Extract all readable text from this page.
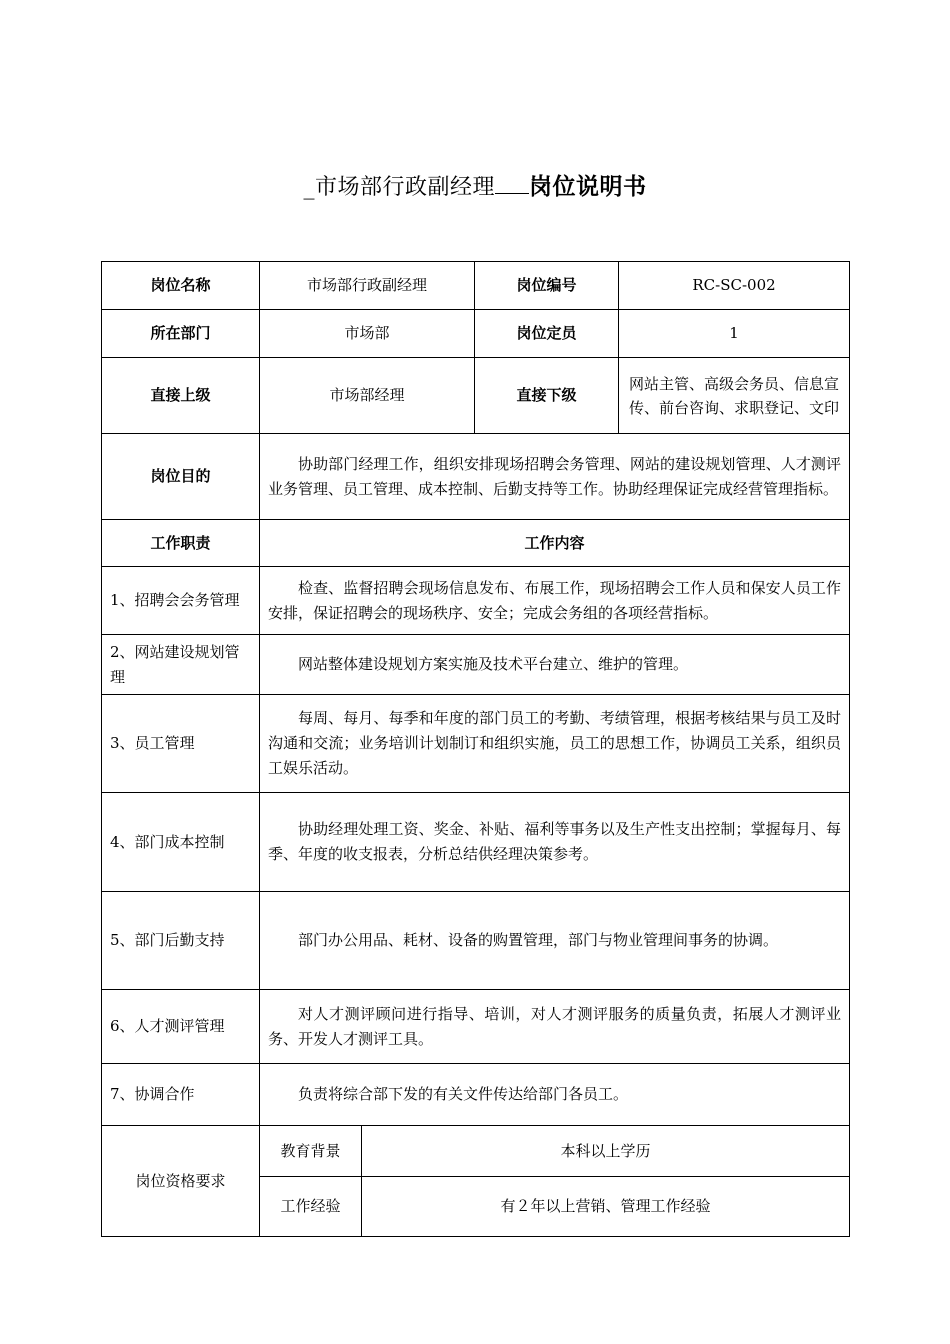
_市场部行政副经理 岗位说明书
岗位名称	市场部行政副经理		岗位编号	RC-SC-002
所在部门	市场部		岗位定员	1
直接上级	市场部经理		直接下级	网站主管、高级会务员、信息宣传、前台咨询、求职登记、文印
岗位目的	协助部门经理工作，组织安排现场招聘会务管理、网站的建设规划管理、人才测评业务管理、员工管理、成本控制、后勤支持等工作。协助经理保证完成经营管理指标。			
工作职责	工作内容			
1、招聘会会务管理	检查、监督招聘会现场信息发布、布展工作，现场招聘会工作人员和保安人员工作安排，保证招聘会的现场秩序、安全；完成会务组的各项经营指标。			
2、网站建设规划管理	网站整体建设规划方案实施及技术平台建立、维护的管理。			
3、员工管理	每周、每月、每季和年度的部门员工的考勤、考绩管理，根据考核结果与员工及时沟通和交流；业务培训计划制订和组织实施，员工的思想工作，协调员工关系，组织员工娱乐活动。			
4、部门成本控制	协助经理处理工资、奖金、补贴、福利等事务以及生产性支出控制；掌握每月、每季、年度的收支报表，分析总结供经理决策参考。			
5、部门后勤支持	部门办公用品、耗材、设备的购置管理，部门与物业管理间事务的协调。			
6、人才测评管理	对人才测评顾问进行指导、培训，对人才测评服务的质量负责，拓展人才测评业务、开发人才测评工具。			
7、协调合作	负责将综合部下发的有关文件传达给部门各员工。			
岗位资格要求	教育背景	本科以上学历		
	工作经验	有２年以上营销、管理工作经验		
